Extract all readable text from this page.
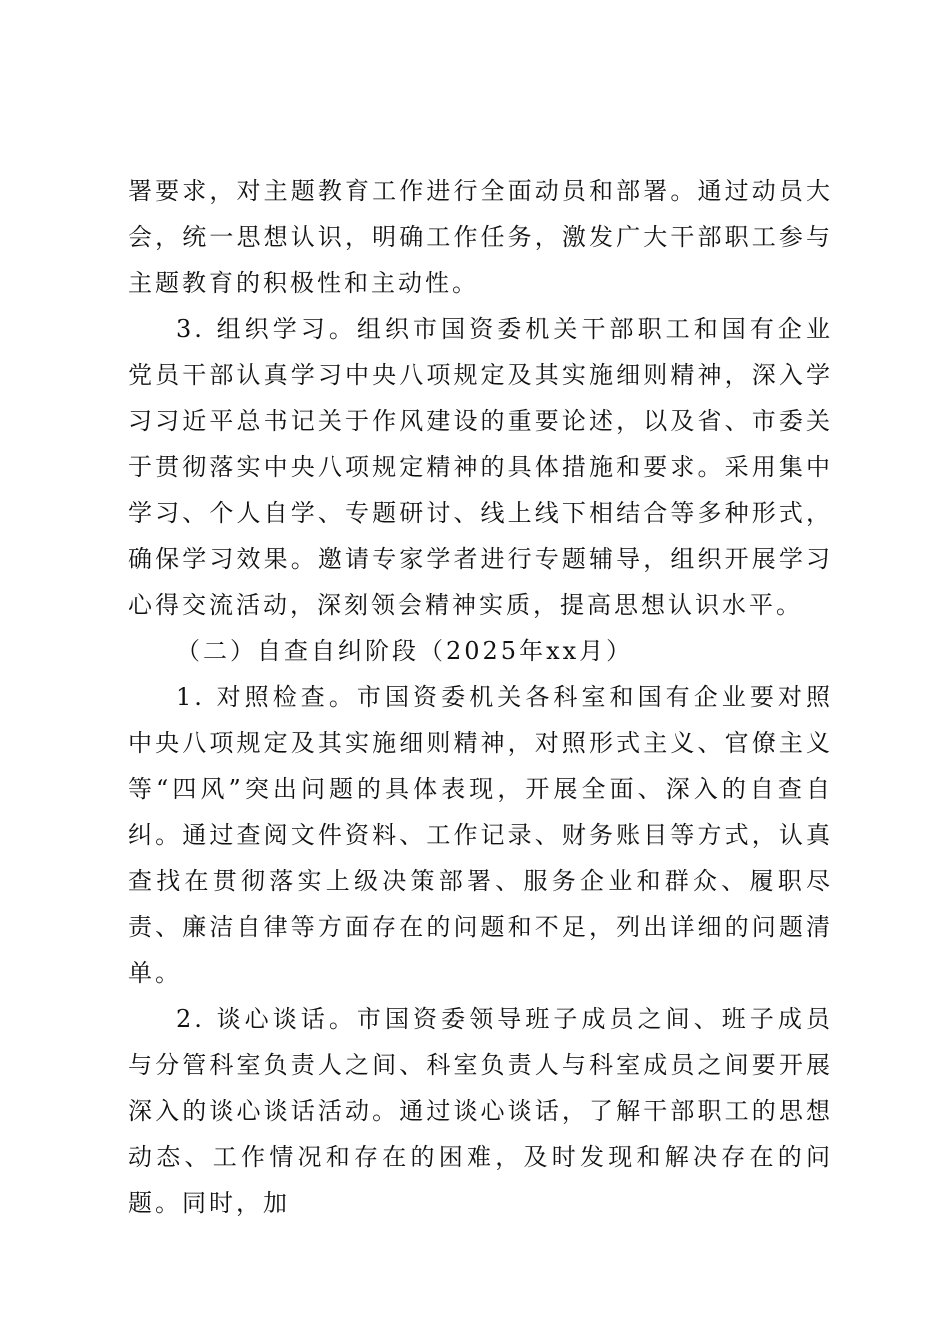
署要求，对主题教育工作进行全面动员和部署。通过动员大会，统一思想认识，明确工作任务，激发广大干部职工参与主题教育的积极性和主动性。

3. 组织学习。组织市国资委机关干部职工和国有企业党员干部认真学习中央八项规定及其实施细则精神，深入学习习近平总书记关于作风建设的重要论述，以及省、市委关于贯彻落实中央八项规定精神的具体措施和要求。采用集中学习、个人自学、专题研讨、线上线下相结合等多种形式，确保学习效果。邀请专家学者进行专题辅导，组织开展学习心得交流活动，深刻领会精神实质，提高思想认识水平。

（二）自查自纠阶段（2025年xx月）

1. 对照检查。市国资委机关各科室和国有企业要对照中央八项规定及其实施细则精神，对照形式主义、官僚主义等“四风”突出问题的具体表现，开展全面、深入的自查自纠。通过查阅文件资料、工作记录、财务账目等方式，认真查找在贯彻落实上级决策部署、服务企业和群众、履职尽责、廉洁自律等方面存在的问题和不足，列出详细的问题清单。

2. 谈心谈话。市国资委领导班子成员之间、班子成员与分管科室负责人之间、科室负责人与科室成员之间要开展深入的谈心谈话活动。通过谈心谈话，了解干部职工的思想动态、工作情况和存在的困难，及时发现和解决存在的问题。同时，加
